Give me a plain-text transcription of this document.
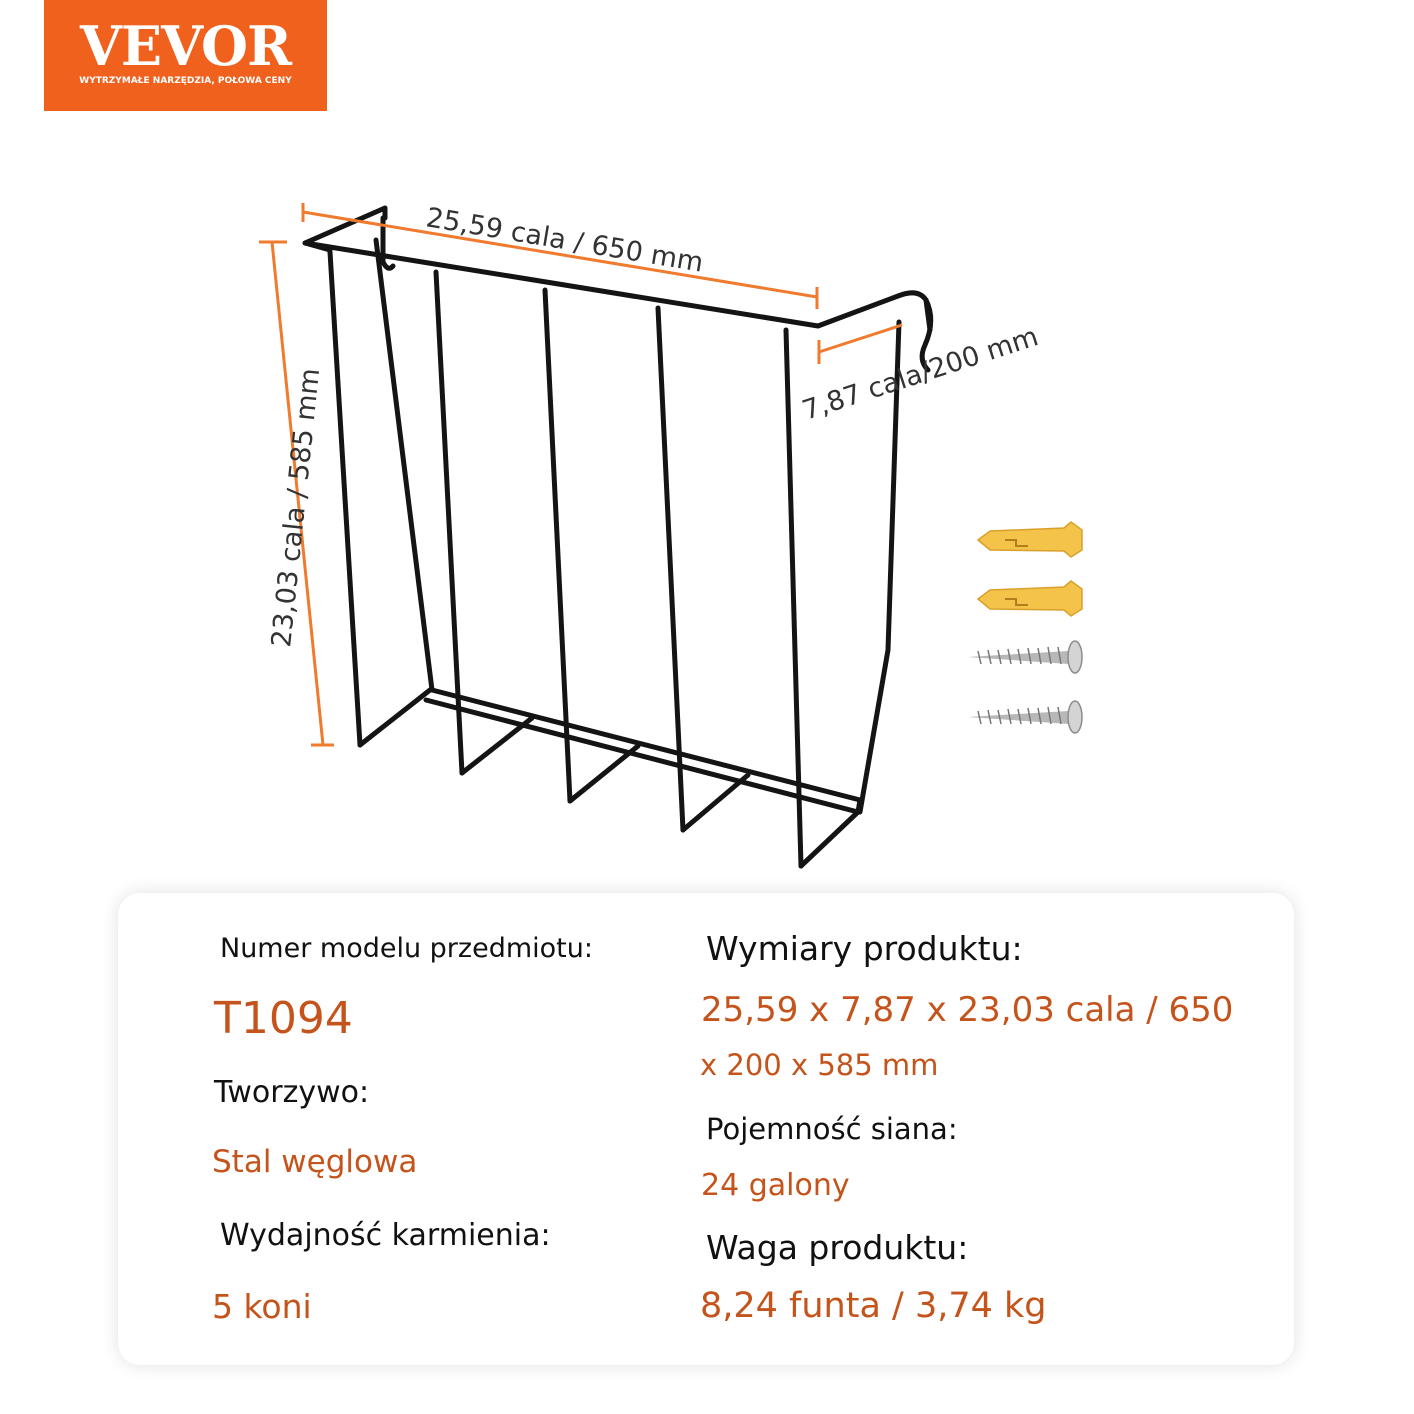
VEVOR
WYTRZYMAŁE NARZĘDZIA, POŁOWA CENY
25,59 cala / 650 mm
23,03 cala / 585 mm	7,87 cala/200 mm
Numer modelu przedmiotu:
T1094
Tworzywo:
Stal węglowa
Wydajność karmienia:
5 koni
Wymiary produktu:
25,59 x 7,87 x 23,03 cala / 650
x 200 x 585 mm
Pojemność siana:
24 galony
Waga produktu:
8,24 funta / 3,74 kg
